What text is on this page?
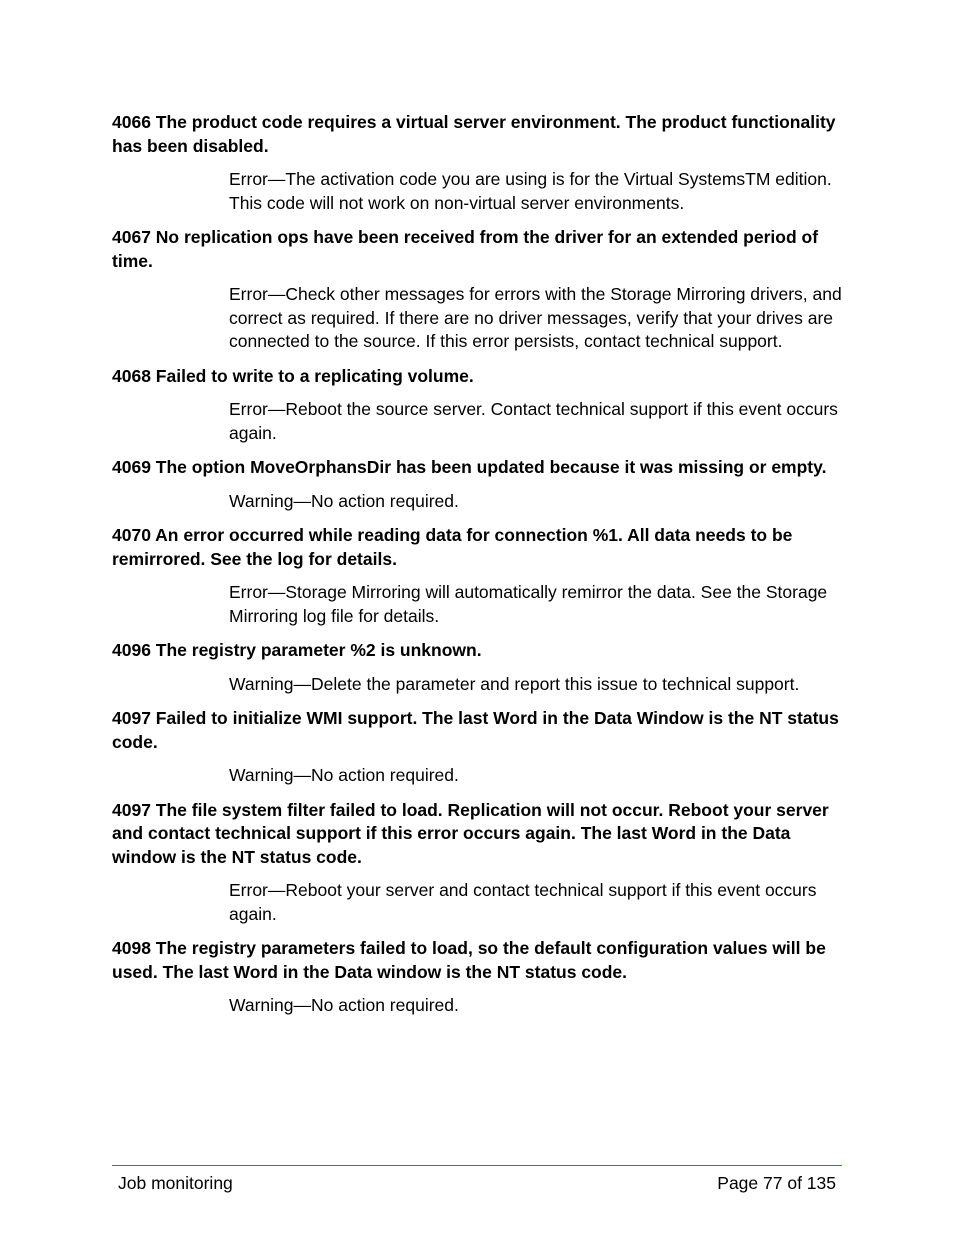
4066 The product code requires a virtual server environment. The product functionality has been disabled.
Error—The activation code you are using is for the Virtual SystemsTM edition. This code will not work on non-virtual server environments.
4067 No replication ops have been received from the driver for an extended period of time.
Error—Check other messages for errors with the Storage Mirroring drivers, and correct as required. If there are no driver messages, verify that your drives are connected to the source. If this error persists, contact technical support.
4068 Failed to write to a replicating volume.
Error—Reboot the source server. Contact technical support if this event occurs again.
4069 The option MoveOrphansDir has been updated because it was missing or empty.
Warning—No action required.
4070 An error occurred while reading data for connection %1. All data needs to be remirrored. See the log for details.
Error—Storage Mirroring will automatically remirror the data. See the Storage Mirroring log file for details.
4096 The registry parameter %2 is unknown.
Warning—Delete the parameter and report this issue to technical support.
4097 Failed to initialize WMI support. The last Word in the Data Window is the NT status code.
Warning—No action required.
4097 The file system filter failed to load. Replication will not occur. Reboot your server and contact technical support if this error occurs again. The last Word in the Data window is the NT status code.
Error—Reboot your server and contact technical support if this event occurs again.
4098 The registry parameters failed to load, so the default configuration values will be used. The last Word in the Data window is the NT status code.
Warning—No action required.
Job monitoring	Page 77 of 135
